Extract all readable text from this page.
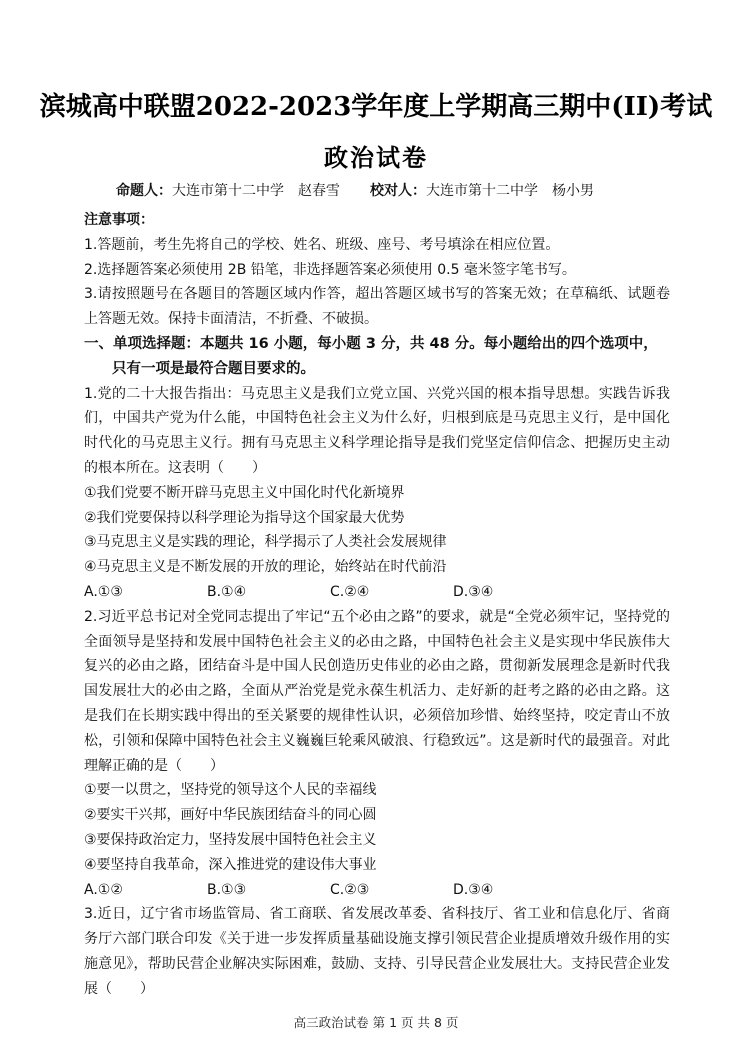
滨城高中联盟2022-2023学年度上学期高三期中(II)考试
政治试卷
命题人：大连市第十二中学　赵春雪 校对人：大连市第十二中学　杨小男

注意事项：

1.答题前，考生先将自己的学校、姓名、班级、座号、考号填涂在相应位置。

2.选择题答案必须使用 2B 铅笔，非选择题答案必须使用 0.5 毫米签字笔书写。

3.请按照题号在各题目的答题区域内作答，超出答题区域书写的答案无效；在草稿纸、试题卷上答题无效。保持卡面清洁，不折叠、不破损。

一、单项选择题：本题共 16 小题，每小题 3 分，共 48 分。每小题给出的四个选项中，

只有一项是最符合题目要求的。

1.党的二十大报告指出：马克思主义是我们立党立国、兴党兴国的根本指导思想。实践告诉我们，中国共产党为什么能，中国特色社会主义为什么好，归根到底是马克思主义行，是中国化时代化的马克思主义行。拥有马克思主义科学理论指导是我们党坚定信仰信念、把握历史主动的根本所在。这表明（　　）

①我们党要不断开辟马克思主义中国化时代化新境界

②我们党要保持以科学理论为指导这个国家最大优势

③马克思主义是实践的理论，科学揭示了人类社会发展规律

④马克思主义是不断发展的开放的理论，始终站在时代前沿

A.①③	B.①④	C.②④	D.③④

2.习近平总书记对全党同志提出了牢记“五个必由之路”的要求，就是“全党必须牢记，坚持党的全面领导是坚持和发展中国特色社会主义的必由之路，中国特色社会主义是实现中华民族伟大复兴的必由之路，团结奋斗是中国人民创造历史伟业的必由之路，贯彻新发展理念是新时代我国发展壮大的必由之路，全面从严治党是党永葆生机活力、走好新的赶考之路的必由之路。这是我们在长期实践中得出的至关紧要的规律性认识，必须倍加珍惜、始终坚持，咬定青山不放松，引领和保障中国特色社会主义巍巍巨轮乘风破浪、行稳致远”。这是新时代的最强音。对此理解正确的是（　　）

①要一以贯之，坚持党的领导这个人民的幸福线

②要实干兴邦，画好中华民族团结奋斗的同心圆

③要保持政治定力，坚持发展中国特色社会主义

④要坚持自我革命，深入推进党的建设伟大事业

A.①②	B.①③	C.②③	D.③④

3.近日，辽宁省市场监管局、省工商联、省发展改革委、省科技厅、省工业和信息化厅、省商务厅六部门联合印发《关于进一步发挥质量基础设施支撑引领民营企业提质增效升级作用的实施意见》，帮助民营企业解决实际困难，鼓励、支持、引导民营企业发展壮大。支持民营企业发展（　　）

高三政治试卷 第 1 页 共 8 页
